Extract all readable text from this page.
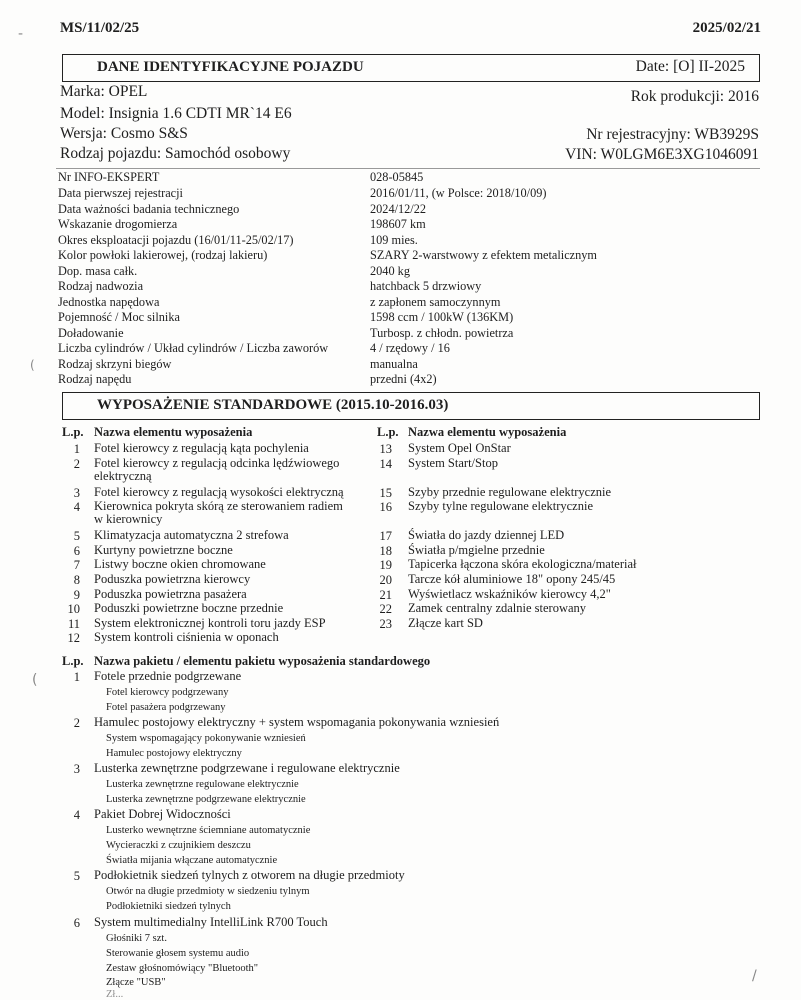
MS/11/02/25	2025/02/21
-
DANE IDENTYFIKACYJNE POJAZDU	Date: [O] II-2025
Marka: OPEL
Model: Insignia 1.6 CDTI MR`14 E6
Wersja: Cosmo S&S
Rodzaj pojazdu: Samochód osobowy
Rok produkcji: 2016
Nr rejestracyjny: WB3929S
VIN: W0LGM6E3XG1046091
Nr INFO-EKSPERT	028-05845
Data pierwszej rejestracji	2016/01/11, (w Polsce: 2018/10/09)
Data ważności badania technicznego	2024/12/22
Wskazanie drogomierza	198607 km
Okres eksploatacji pojazdu (16/01/11-25/02/17)	109 mies.
Kolor powłoki lakierowej, (rodzaj lakieru)	SZARY 2-warstwowy z efektem metalicznym
Dop. masa całk.	2040 kg
Rodzaj nadwozia	hatchback 5 drzwiowy
Jednostka napędowa	z zapłonem samoczynnym
Pojemność / Moc silnika	1598 ccm / 100kW (136KM)
Doładowanie	Turbosp. z chłodn. powietrza
Liczba cylindrów / Układ cylindrów / Liczba zaworów	4 / rzędowy / 16
Rodzaj skrzyni biegów	manualna
Rodzaj napędu	przedni (4x2)
(
WYPOSAŻENIE STANDARDOWE (2015.10-2016.03)
L.p. Nazwa elementu wyposażenia	L.p. Nazwa elementu wyposażenia
1 Fotel kierowcy z regulacją kąta pochylenia
2 Fotel kierowcy z regulacją odcinka lędźwiowego
elektryczną
3 Fotel kierowcy z regulacją wysokości elektryczną
4 Kierownica pokryta skórą ze sterowaniem radiem
w kierownicy
5 Klimatyzacja automatyczna 2 strefowa
6 Kurtyny powietrzne boczne
7 Listwy boczne okien chromowane
8 Poduszka powietrzna kierowcy
9 Poduszka powietrzna pasażera
10 Poduszki powietrzne boczne przednie
11 System elektronicznej kontroli toru jazdy ESP
12 System kontroli ciśnienia w oponach
13 System Opel OnStar
14 System Start/Stop
15 Szyby przednie regulowane elektrycznie
16 Szyby tylne regulowane elektrycznie
17 Światła do jazdy dziennej LED
18 Światła p/mgielne przednie
19 Tapicerka łączona skóra ekologiczna/materiał
20 Tarcze kół aluminiowe 18" opony 245/45
21 Wyświetlacz wskaźników kierowcy 4,2"
22 Zamek centralny zdalnie sterowany
23 Złącze kart SD
L.p. Nazwa pakietu / elementu pakietu wyposażenia standardowego
1 Fotele przednie podgrzewane
Fotel kierowcy podgrzewany
Fotel pasażera podgrzewany
2 Hamulec postojowy elektryczny + system wspomagania pokonywania wzniesień
System wspomagający pokonywanie wzniesień
Hamulec postojowy elektryczny
3 Lusterka zewnętrzne podgrzewane i regulowane elektrycznie
Lusterka zewnętrzne regulowane elektrycznie
Lusterka zewnętrzne podgrzewane elektrycznie
4 Pakiet Dobrej Widoczności
Lusterko wewnętrzne ściemniane automatycznie
Wycieraczki z czujnikiem deszczu
Światła mijania włączane automatycznie
5 Podłokietnik siedzeń tylnych z otworem na długie przedmioty
Otwór na długie przedmioty w siedzeniu tylnym
Podłokietniki siedzeń tylnych
6 System multimedialny IntelliLink R700 Touch
Głośniki 7 szt.
Sterowanie głosem systemu audio
Zestaw głośnomówiący "Bluetooth"
Złącze "USB"
Zł...
(
/
